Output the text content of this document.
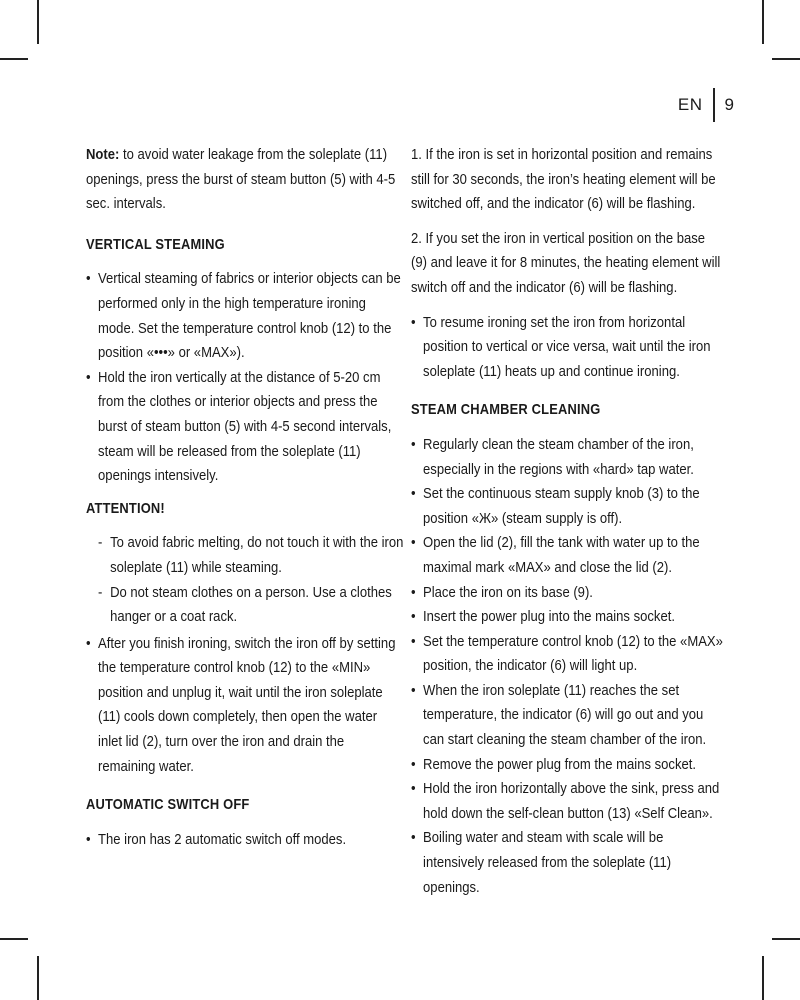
EN 9

Note: to avoid water leakage from the soleplate (11) openings, press the burst of steam button (5) with 4-5 sec. intervals.

VERTICAL STEAMING
• Vertical steaming of fabrics or interior objects can be performed only in the high temperature ironing mode. Set the temperature control knob (12) to the position «•••» or «MAX»).
• Hold the iron vertically at the distance of 5-20 cm from the clothes or interior objects and press the burst of steam button (5) with 4-5 second intervals, steam will be released from the soleplate (11) openings intensively.
ATTENTION!
- To avoid fabric melting, do not touch it with the iron soleplate (11) while steaming.
- Do not steam clothes on a person. Use a clothes hanger or a coat rack.
• After you finish ironing, switch the iron off by setting the temperature control knob (12) to the «MIN» position and unplug it, wait until the iron soleplate (11) cools down completely, then open the water inlet lid (2), turn over the iron and drain the remaining water.
AUTOMATIC SWITCH OFF
• The iron has 2 automatic switch off modes.

1. If the iron is set in horizontal position and remains still for 30 seconds, the iron’s heating element will be switched off, and the indicator (6) will be flashing.

2. If you set the iron in vertical position on the base (9) and leave it for 8 minutes, the heating element will switch off and the indicator (6) will be flashing.

• To resume ironing set the iron from horizontal position to vertical or vice versa, wait until the iron soleplate (11) heats up and continue ironing.
STEAM CHAMBER CLEANING
• Regularly clean the steam chamber of the iron, especially in the regions with «hard» tap water.
• Set the continuous steam supply knob (3) to the position «Ж» (steam supply is off).
• Open the lid (2), fill the tank with water up to the maximal mark «MAX» and close the lid (2).
• Place the iron on its base (9).
• Insert the power plug into the mains socket.
• Set the temperature control knob (12) to the «MAX» position, the indicator (6) will light up.
• When the iron soleplate (11) reaches the set temperature, the indicator (6) will go out and you can start cleaning the steam chamber of the iron.
• Remove the power plug from the mains socket.
• Hold the iron horizontally above the sink, press and hold down the self-clean button (13) «Self Clean».
• Boiling water and steam with scale will be intensively released from the soleplate (11) openings.
